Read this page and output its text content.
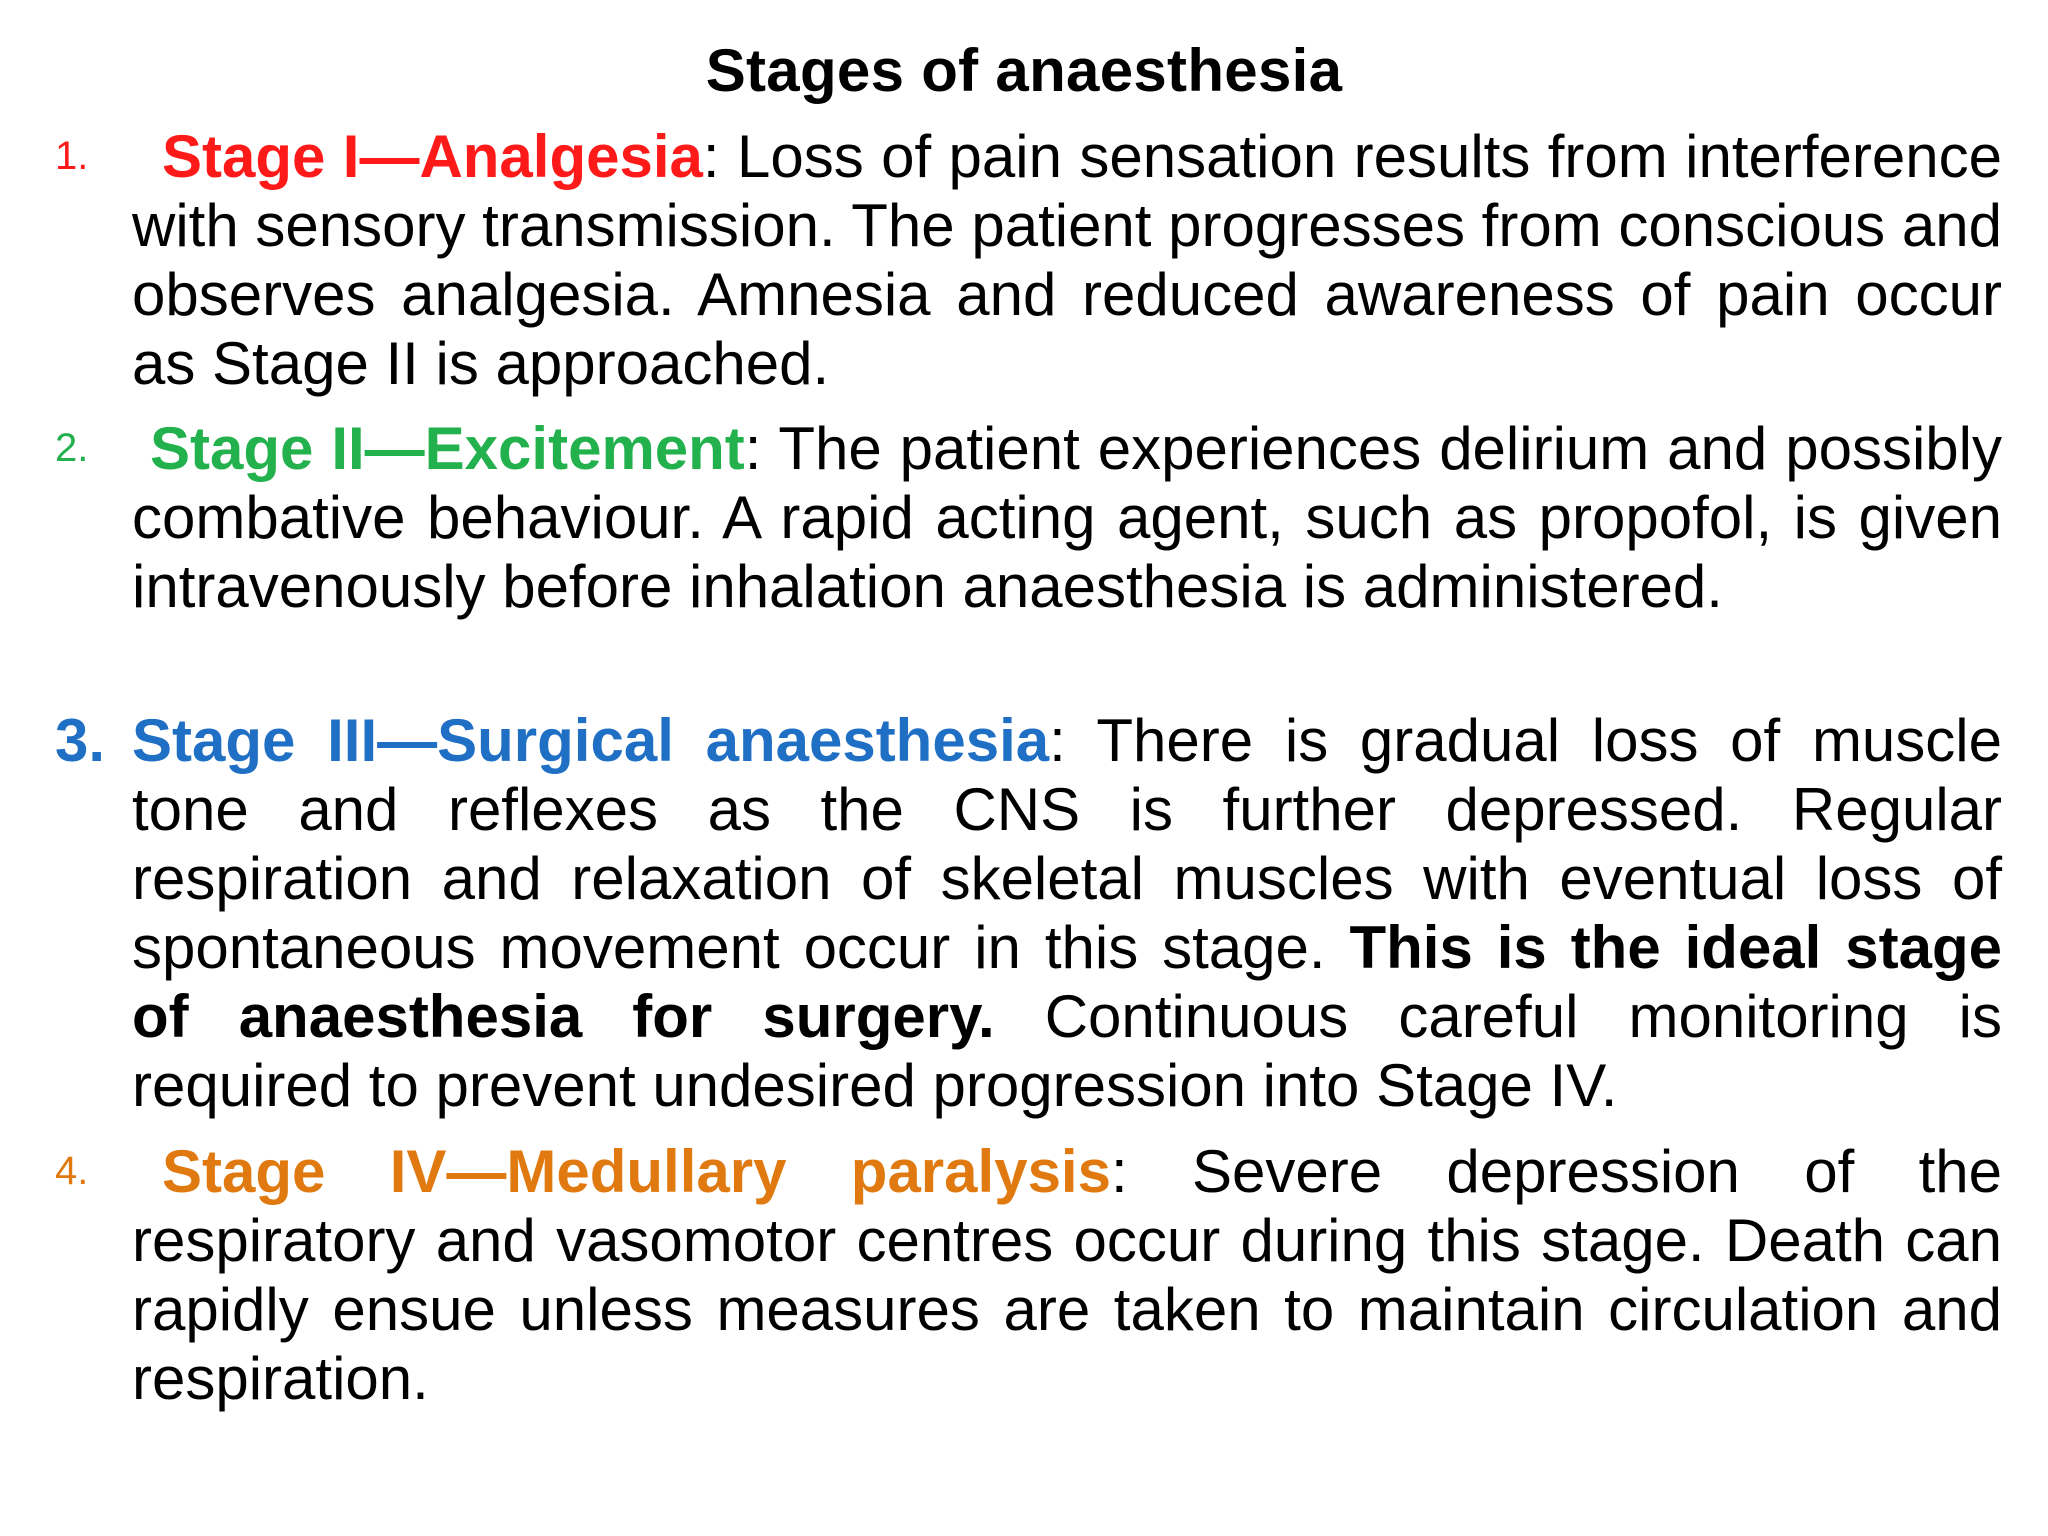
Stages of anaesthesia
1.	Stage I—Analgesia: Loss of pain sensation results from interference with sensory transmission. The patient progresses from conscious and observes analgesia. Amnesia and reduced awareness of pain occur as Stage II is approached.
2.	Stage II—Excitement: The patient experiences delirium and possibly combative behaviour. A rapid acting agent, such as propofol, is given intravenously before inhalation anaesthesia is administered.
3. Stage III—Surgical anaesthesia: There is gradual loss of muscle tone and reflexes as the CNS is further depressed. Regular respiration and relaxation of skeletal muscles with eventual loss of spontaneous movement occur in this stage. This is the ideal stage of anaesthesia for surgery. Continuous careful monitoring is required to prevent undesired progression into Stage IV.
4.	Stage IV—Medullary paralysis: Severe depression of the respiratory and vasomotor centres occur during this stage. Death can rapidly ensue unless measures are taken to maintain circulation and respiration.
